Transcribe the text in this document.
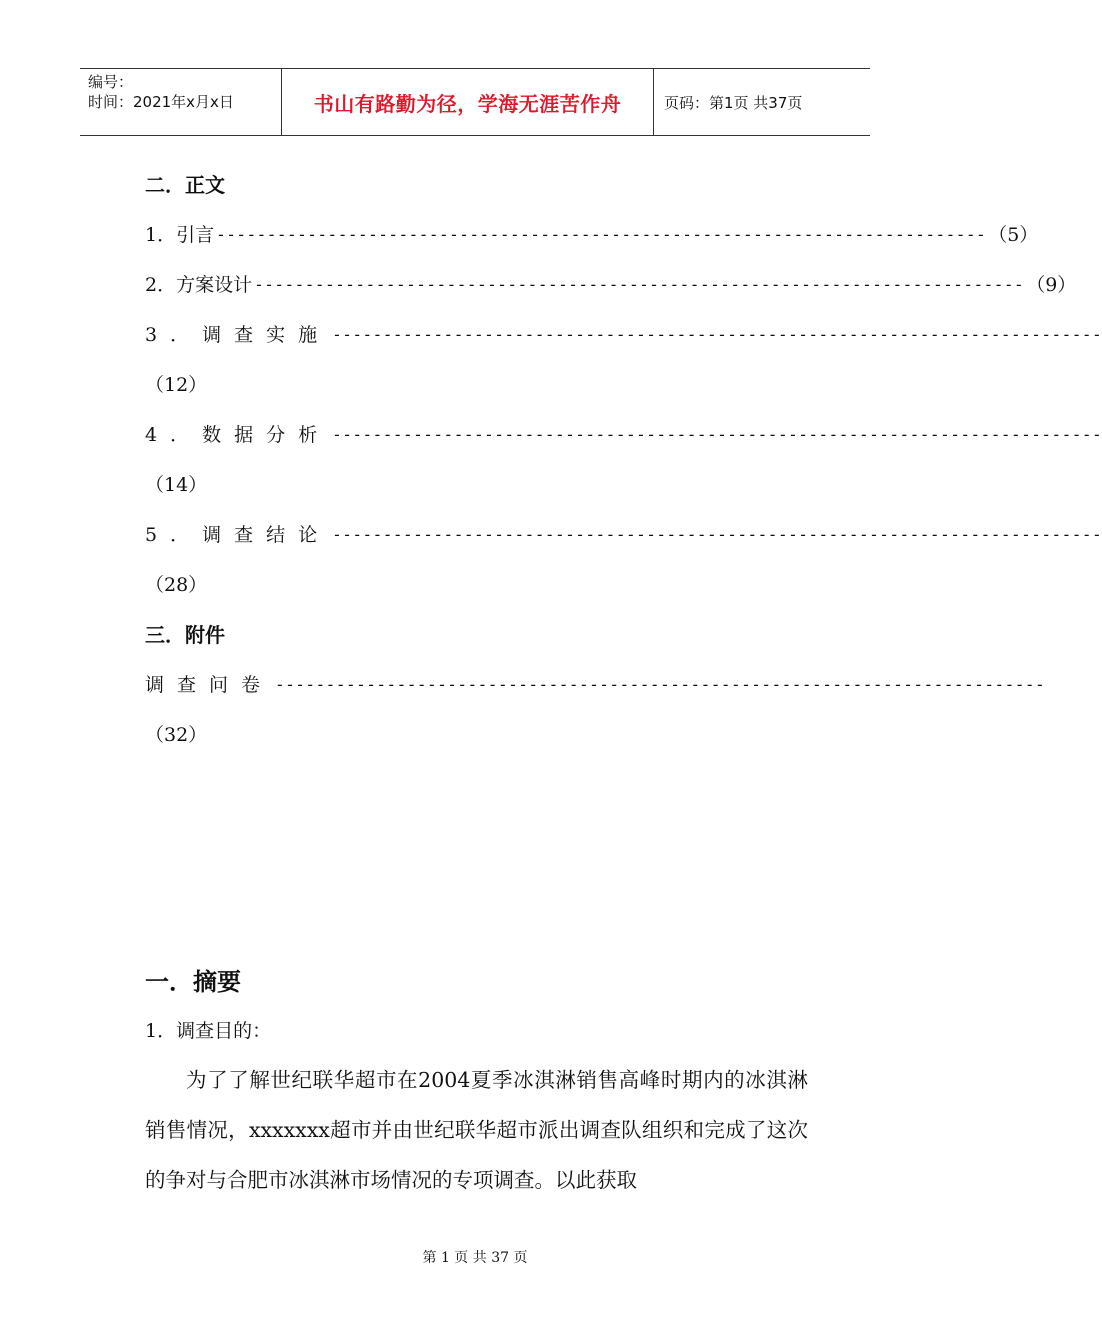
编号：
时间：2021年x月x日	书山有路勤为径，学海无涯苦作舟	页码：第1页 共37页
二．正文
1．引言 ---------------------------------------------------------------------------- （5）
2．方案设计 ---------------------------------------------------------------------------- （9）
3．调查实施 ----------------------------------------------------------------------------
（12）
4．数据分析 ----------------------------------------------------------------------------
（14）
5．调查结论 ----------------------------------------------------------------------------
（28）
三．附件
调查问卷 ----------------------------------------------------------------------------
（32）
一．摘要
1．调查目的：
为了了解世纪联华超市在2004夏季冰淇淋销售高峰时期内的冰淇淋销售情况，xxxxxxx超市并由世纪联华超市派出调查队组织和完成了这次的争对与合肥市冰淇淋市场情况的专项调查。以此获取
第 1 页 共 37 页
